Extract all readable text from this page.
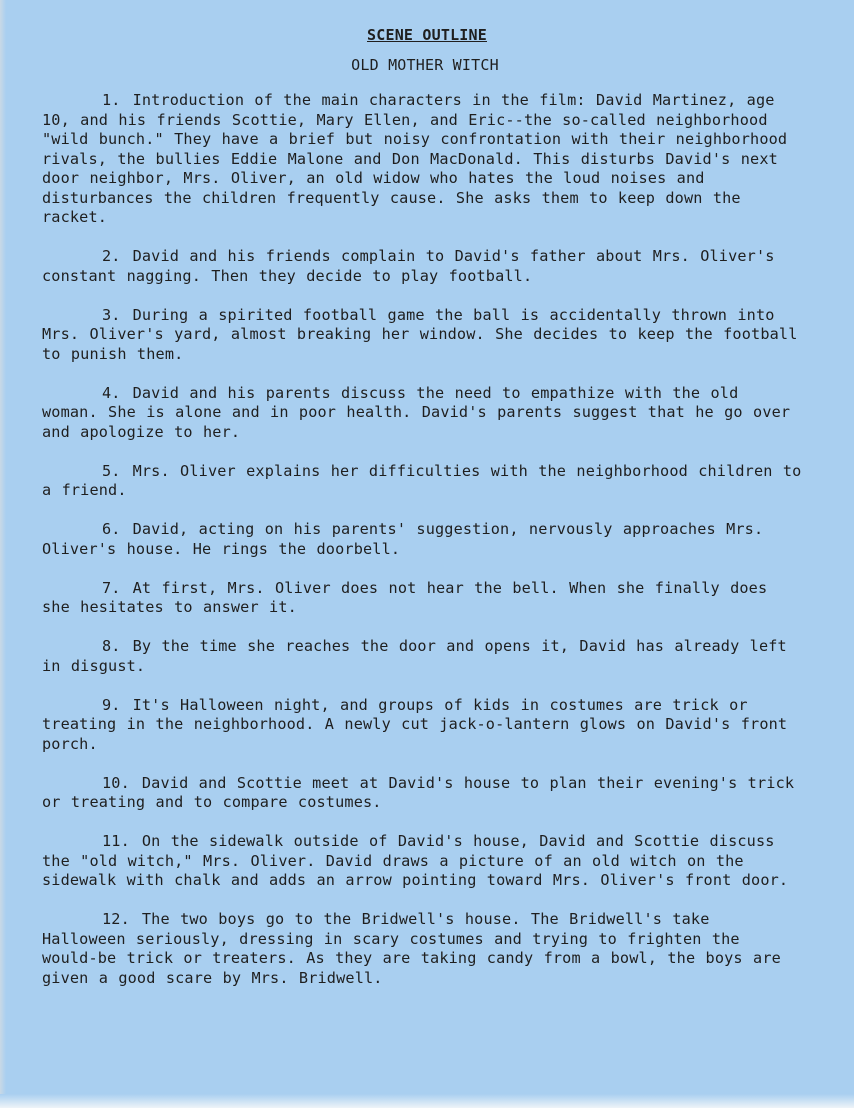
SCENE OUTLINE
OLD MOTHER WITCH
1. Introduction of the main characters in the film: David Martinez, age 10, and his friends Scottie, Mary Ellen, and Eric--the so-called neighborhood "wild bunch." They have a brief but noisy confrontation with their neighborhood rivals, the bullies Eddie Malone and Don MacDonald. This disturbs David's next door neighbor, Mrs. Oliver, an old widow who hates the loud noises and disturbances the children frequently cause. She asks them to keep down the racket.
2. David and his friends complain to David's father about Mrs. Oliver's constant nagging. Then they decide to play football.
3. During a spirited football game the ball is accidentally thrown into Mrs. Oliver's yard, almost breaking her window. She decides to keep the football to punish them.
4. David and his parents discuss the need to empathize with the old woman. She is alone and in poor health. David's parents suggest that he go over and apologize to her.
5. Mrs. Oliver explains her difficulties with the neighborhood children to a friend.
6. David, acting on his parents' suggestion, nervously approaches Mrs. Oliver's house. He rings the doorbell.
7. At first, Mrs. Oliver does not hear the bell. When she finally does she hesitates to answer it.
8. By the time she reaches the door and opens it, David has already left in disgust.
9. It's Halloween night, and groups of kids in costumes are trick or treating in the neighborhood. A newly cut jack-o-lantern glows on David's front porch.
10. David and Scottie meet at David's house to plan their evening's trick or treating and to compare costumes.
11. On the sidewalk outside of David's house, David and Scottie discuss the "old witch," Mrs. Oliver. David draws a picture of an old witch on the sidewalk with chalk and adds an arrow pointing toward Mrs. Oliver's front door.
12. The two boys go to the Bridwell's house. The Bridwell's take Halloween seriously, dressing in scary costumes and trying to frighten the would-be trick or treaters. As they are taking candy from a bowl, the boys are given a good scare by Mrs. Bridwell.
